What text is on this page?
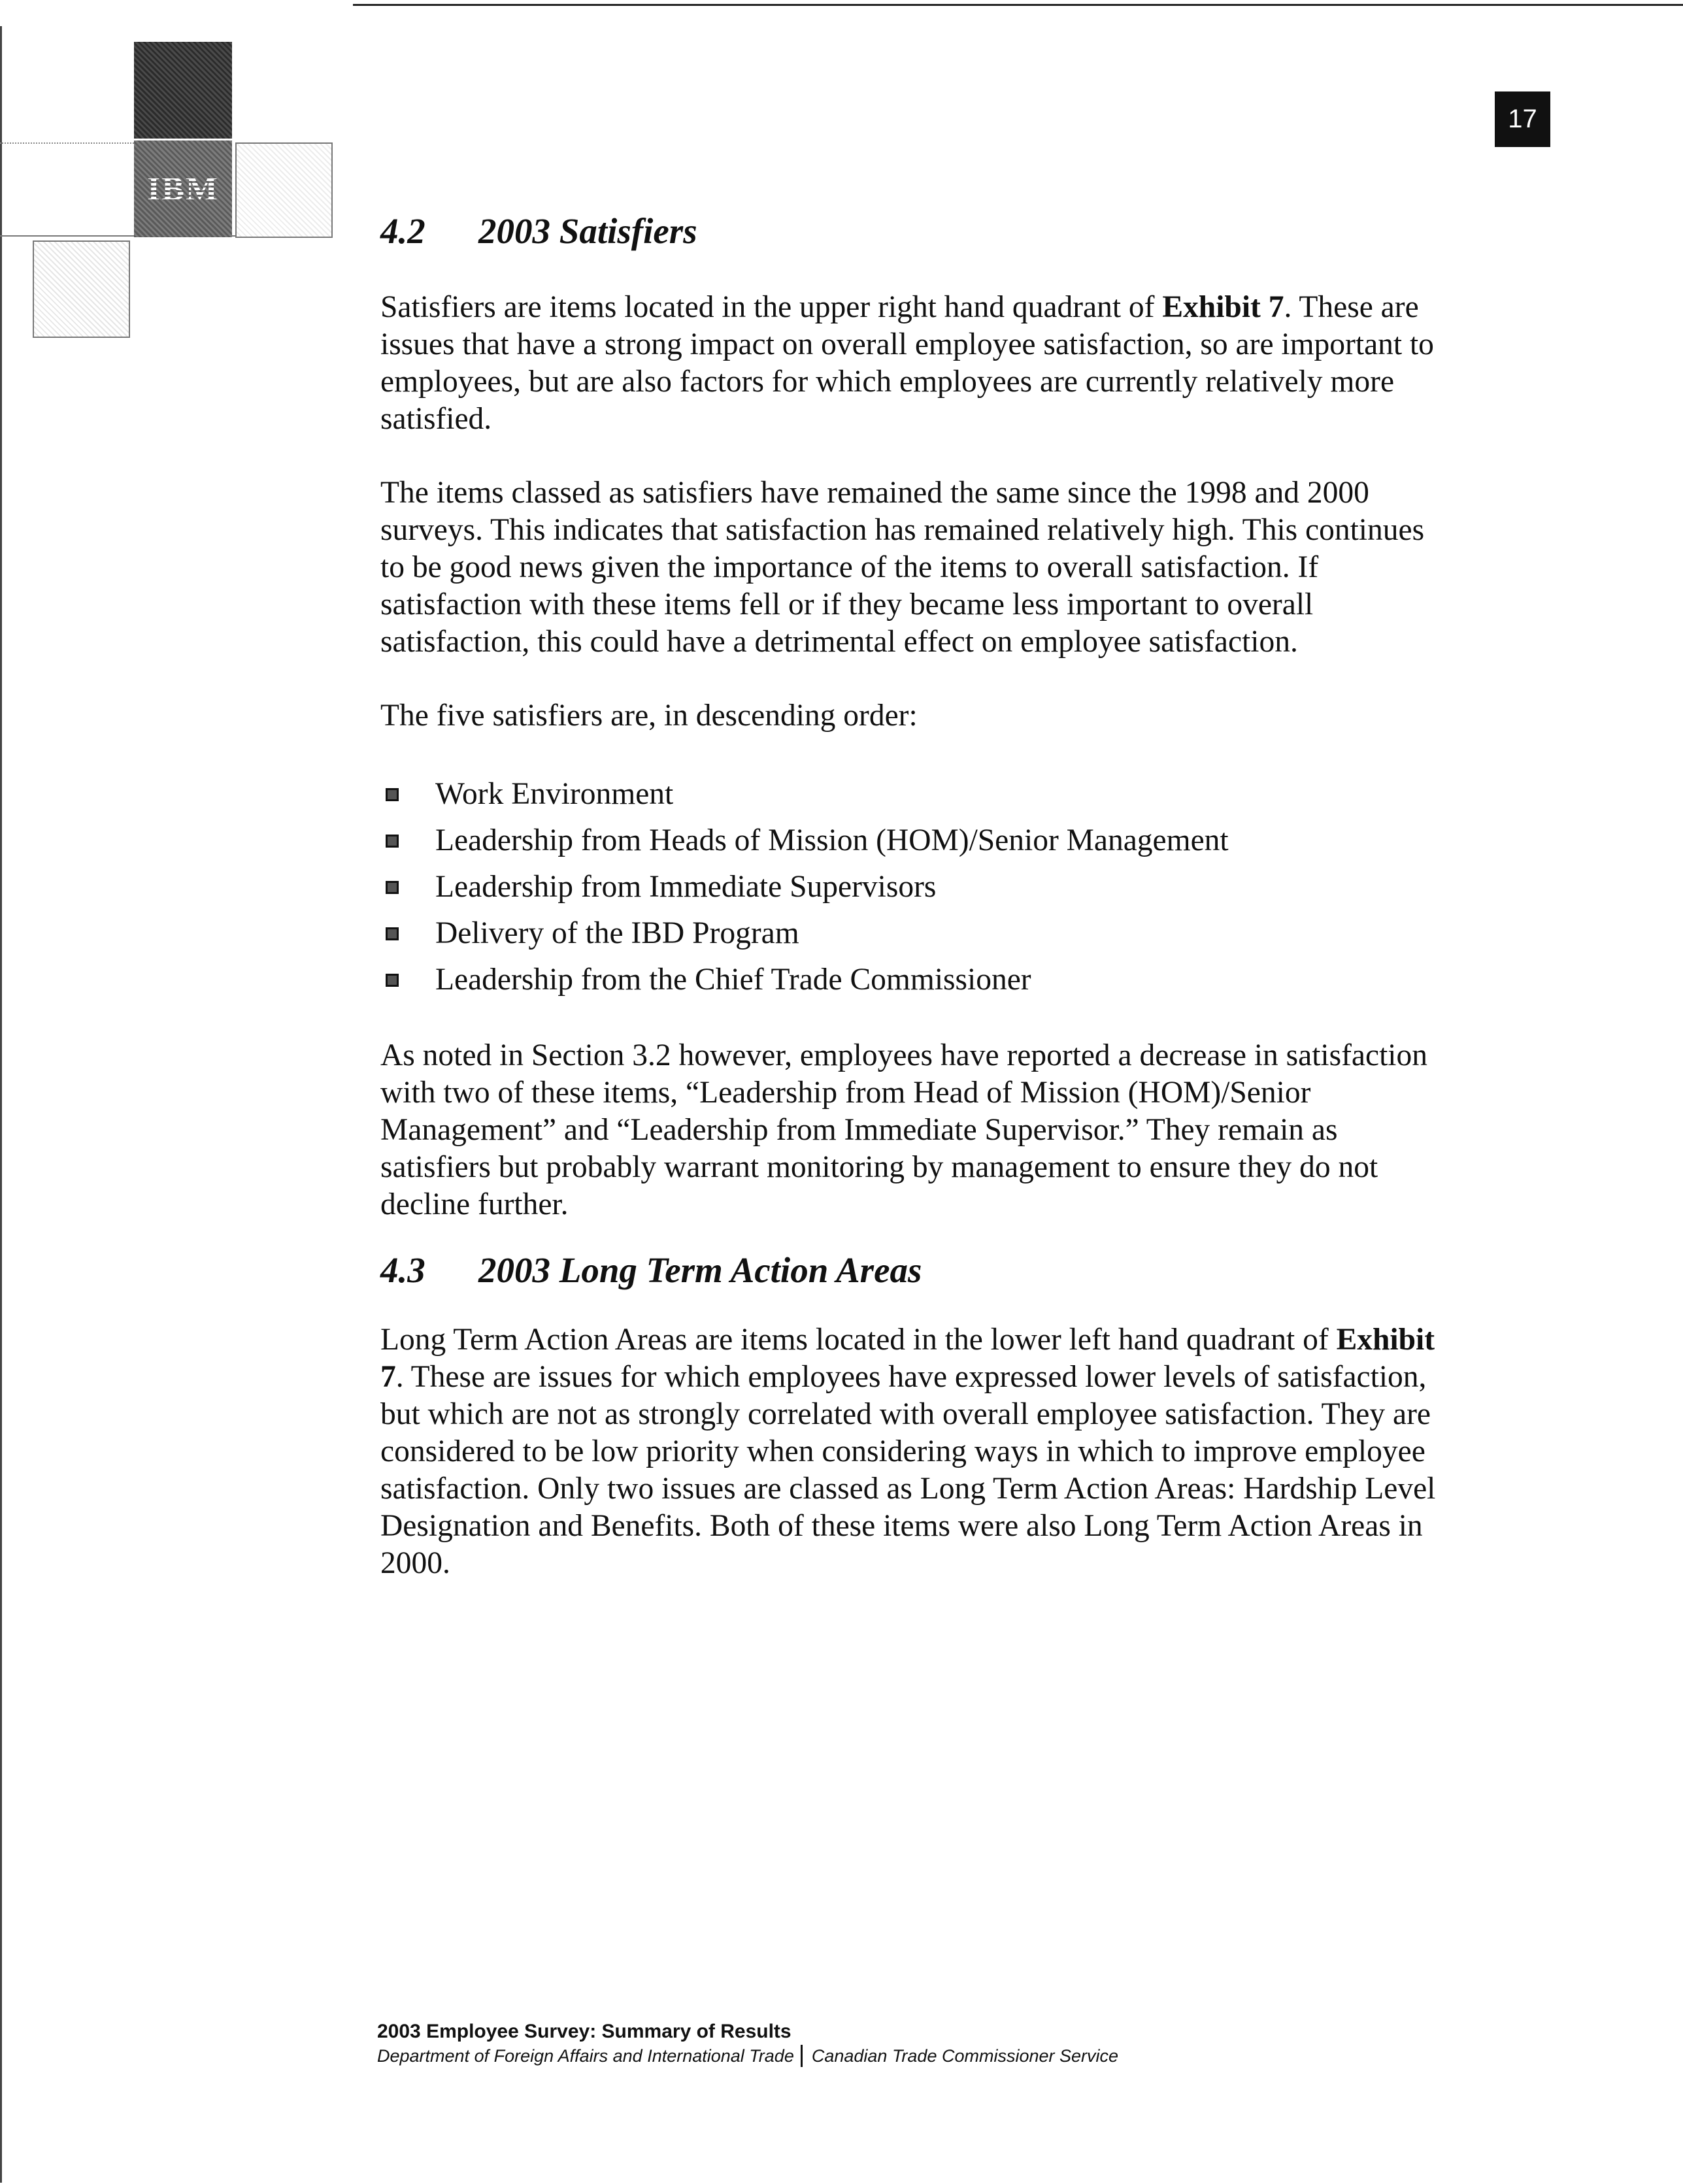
IBM
17
4.2 2003 Satisfiers

Satisfiers are items located in the upper right hand quadrant of Exhibit 7. These are issues that have a strong impact on overall employee satisfaction, so are important to employees, but are also factors for which employees are currently relatively more satisfied.

The items classed as satisfiers have remained the same since the 1998 and 2000 surveys. This indicates that satisfaction has remained relatively high. This continues to be good news given the importance of the items to overall satisfaction. If satisfaction with these items fell or if they became less important to overall satisfaction, this could have a detrimental effect on employee satisfaction.

The five satisfiers are, in descending order:

Work Environment
Leadership from Heads of Mission (HOM)/Senior Management
Leadership from Immediate Supervisors
Delivery of the IBD Program
Leadership from the Chief Trade Commissioner

As noted in Section 3.2 however, employees have reported a decrease in satisfaction with two of these items, “Leadership from Head of Mission (HOM)/Senior Management” and “Leadership from Immediate Supervisor.” They remain as satisfiers but probably warrant monitoring by management to ensure they do not decline further.

4.3 2003 Long Term Action Areas

Long Term Action Areas are items located in the lower left hand quadrant of Exhibit 7. These are issues for which employees have expressed lower levels of satisfaction, but which are not as strongly correlated with overall employee satisfaction. They are considered to be low priority when considering ways in which to improve employee satisfaction. Only two issues are classed as Long Term Action Areas: Hardship Level Designation and Benefits. Both of these items were also Long Term Action Areas in 2000.

2003 Employee Survey: Summary of Results
Department of Foreign Affairs and International Trade Canadian Trade Commissioner Service
